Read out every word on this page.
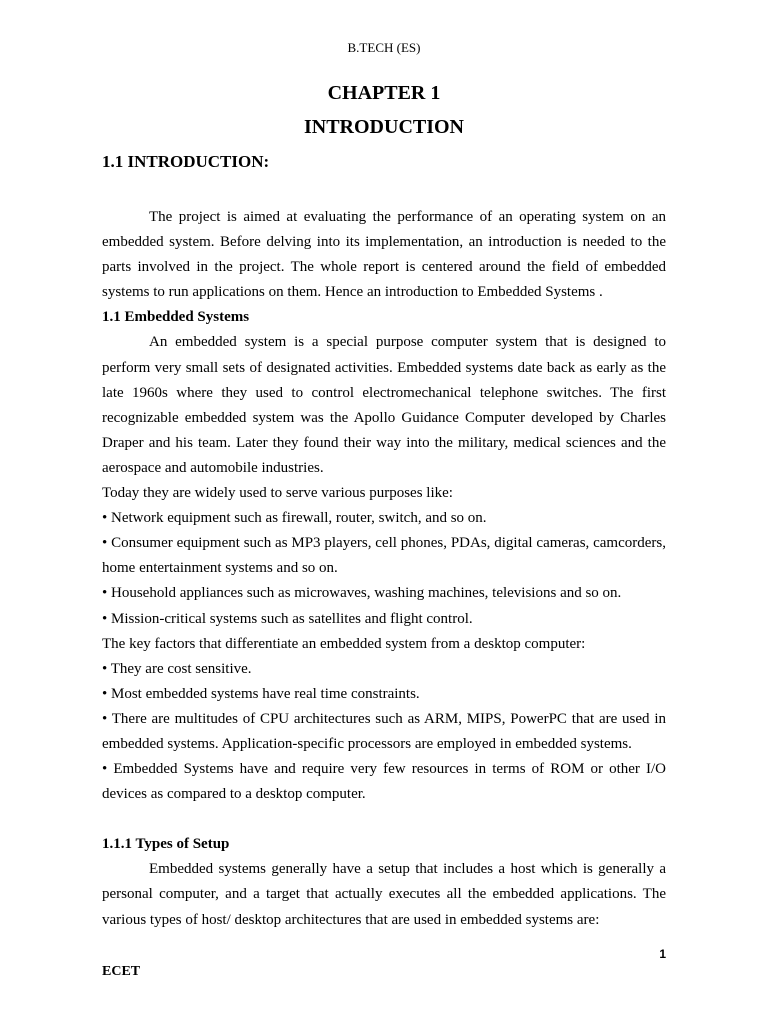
B.TECH (ES)
CHAPTER 1
INTRODUCTION
1.1 INTRODUCTION:

The project is aimed at evaluating the performance of an operating system on an embedded system. Before delving into its implementation, an introduction is needed to the parts involved in the project. The whole report is centered around the field of embedded systems to run applications on them. Hence an introduction to Embedded Systems .

1.1 Embedded Systems

An embedded system is a special purpose computer system that is designed to perform very small sets of designated activities. Embedded systems date back as early as the late 1960s where they used to control electromechanical telephone switches. The first recognizable embedded system was the Apollo Guidance Computer developed by Charles Draper and his team. Later they found their way into the military, medical sciences and the aerospace and automobile industries.

Today they are widely used to serve various purposes like:

• Network equipment such as firewall, router, switch, and so on.

• Consumer equipment such as MP3 players, cell phones, PDAs, digital cameras, camcorders, home entertainment systems and so on.

• Household appliances such as microwaves, washing machines, televisions and so on.

• Mission-critical systems such as satellites and flight control.

The key factors that differentiate an embedded system from a desktop computer:

• They are cost sensitive.

• Most embedded systems have real time constraints.

• There are multitudes of CPU architectures such as ARM, MIPS, PowerPC that are used in embedded systems. Application-specific processors are employed in embedded systems.

• Embedded Systems have and require very few resources in terms of ROM or other I/O devices as compared to a desktop computer.

1.1.1 Types of Setup

Embedded systems generally have a setup that includes a host which is generally a personal computer, and a target that actually executes all the embedded applications. The various types of host/ desktop architectures that are used in embedded systems are:

1
ECET
